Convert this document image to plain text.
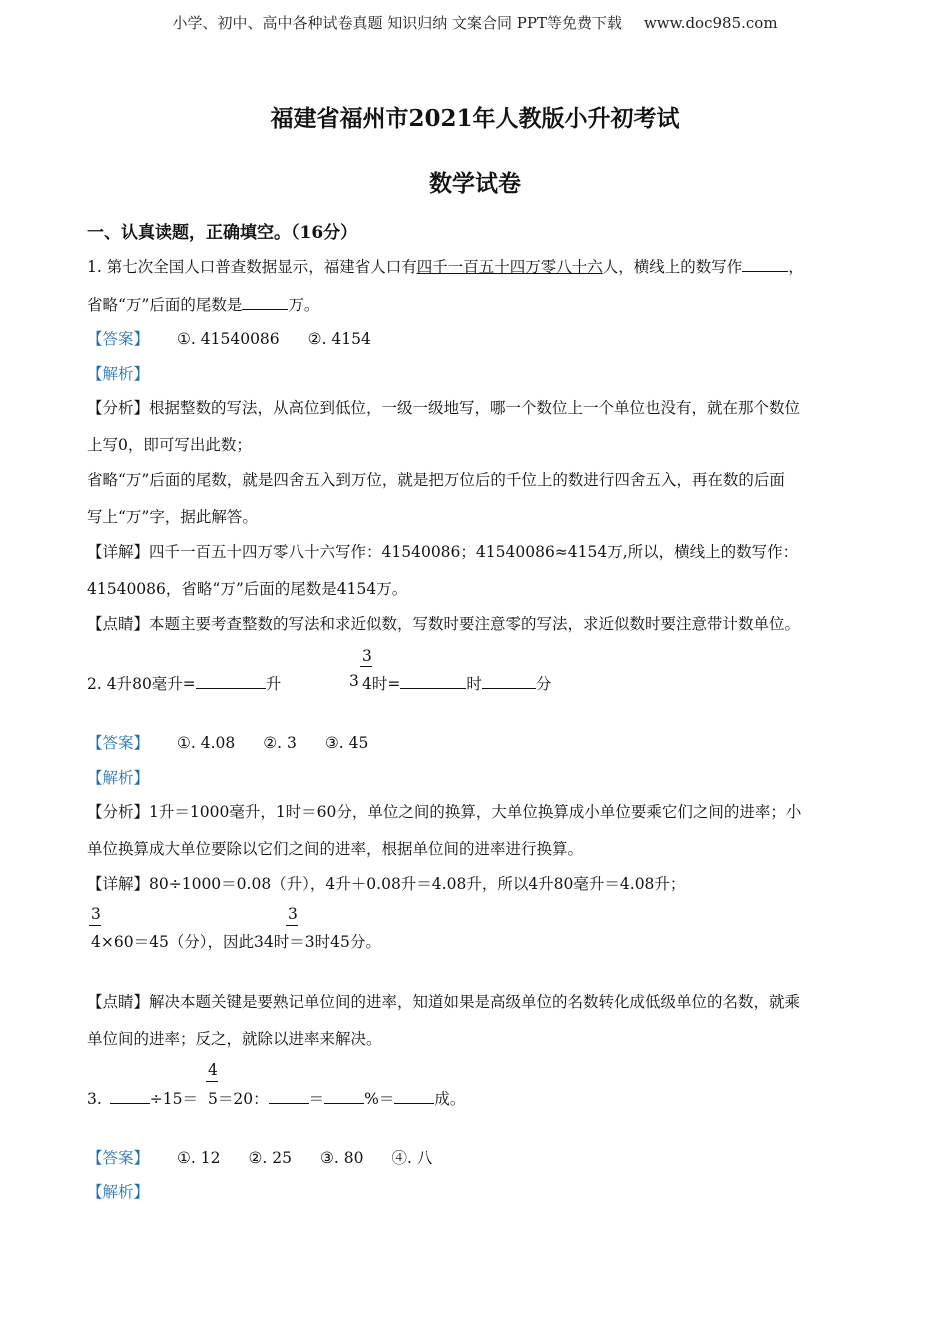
小学、初中、高中各种试卷真题 知识归纳 文案合同 PPT等免费下载 www.doc985.com
福建省福州市2021年人教版小升初考试
数学试卷
一、认真读题，正确填空。（16分）
1. 第七次全国人口普查数据显示，福建省人口有四千一百五十四万零八十六人，横线上的数写作	，
省略“万”后面的尾数是	万。
【答案】 ①. 41540086 ②. 4154
【解析】
【分析】根据整数的写法，从高位到低位，一级一级地写，哪一个数位上一个单位也没有，就在那个数位
上写0，即可写出此数；
省略“万”后面的尾数，就是四舍五入到万位，就是把万位后的千位上的数进行四舍五入，再在数的后面
写上“万”字，据此解答。
【详解】四千一百五十四万零八十六写作：41540086；41540086≈4154万,所以，横线上的数写作：
41540086，省略“万”后面的尾数是4154万。
【点睛】本题主要考查整数的写法和求近似数，写数时要注意零的写法，求近似数时要注意带计数单位。
2. 4升80毫升=	升	3
3
4时=	时	分
【答案】 ①. 4.08 ②. 3 ③. 45
【解析】
【分析】1升＝1000毫升，1时＝60分，单位之间的换算，大单位换算成小单位要乘它们之间的进率；小
单位换算成大单位要除以它们之间的进率，根据单位间的进率进行换算。
【详解】80÷1000＝0.08（升），4升＋0.08升＝4.08升，所以4升80毫升＝4.08升；
3	3
4×60＝45（分），因此34时＝3时45分。
【点睛】解决本题关键是要熟记单位间的进率，知道如果是高级单位的名数转化成低级单位的名数，就乘
单位间的进率；反之，就除以进率来解决。
3.	÷15＝
4
5＝20：	＝	%＝	成。
【答案】 ①. 12 ②. 25 ③. 80 ④. 八
【解析】
